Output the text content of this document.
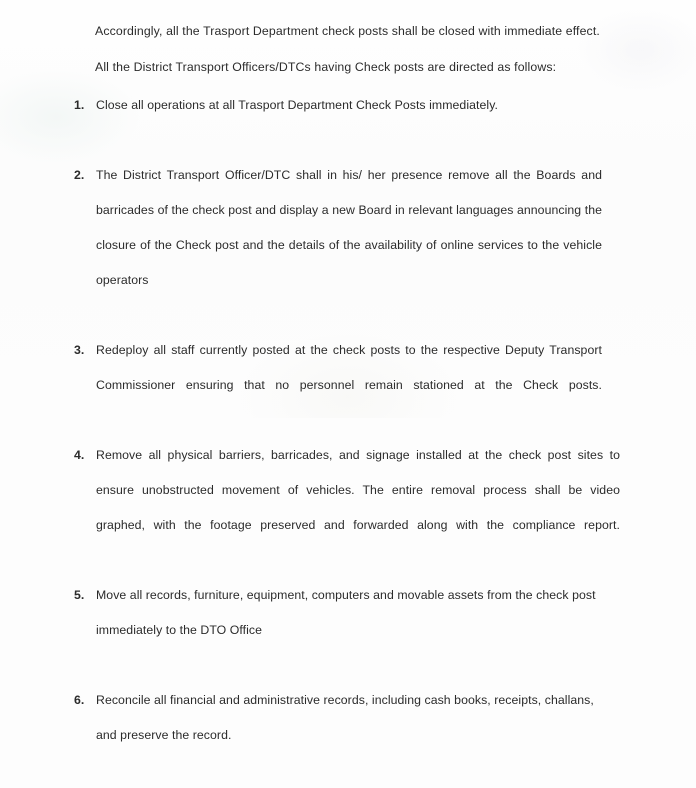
Accordingly, all the Trasport Department check posts shall be closed with immediate effect.
All the District Transport Officers/DTCs having Check posts are directed as follows:
1. Close all operations at all Trasport Department Check Posts immediately.
2. The District Transport Officer/DTC shall in his/ her presence remove all the Boards and barricades of the check post and display a new Board in relevant languages announcing the closure of the Check post and the details of the availability of online services to the vehicle operators
3. Redeploy all staff currently posted at the check posts to the respective Deputy Transport Commissioner ensuring that no personnel remain stationed at the Check posts.
4. Remove all physical barriers, barricades, and signage installed at the check post sites to ensure unobstructed movement of vehicles. The entire removal process shall be video graphed, with the footage preserved and forwarded along with the compliance report.
5. Move all records, furniture, equipment, computers and movable assets from the check post immediately to the DTO Office
6. Reconcile all financial and administrative records, including cash books, receipts, challans, and preserve the record.
